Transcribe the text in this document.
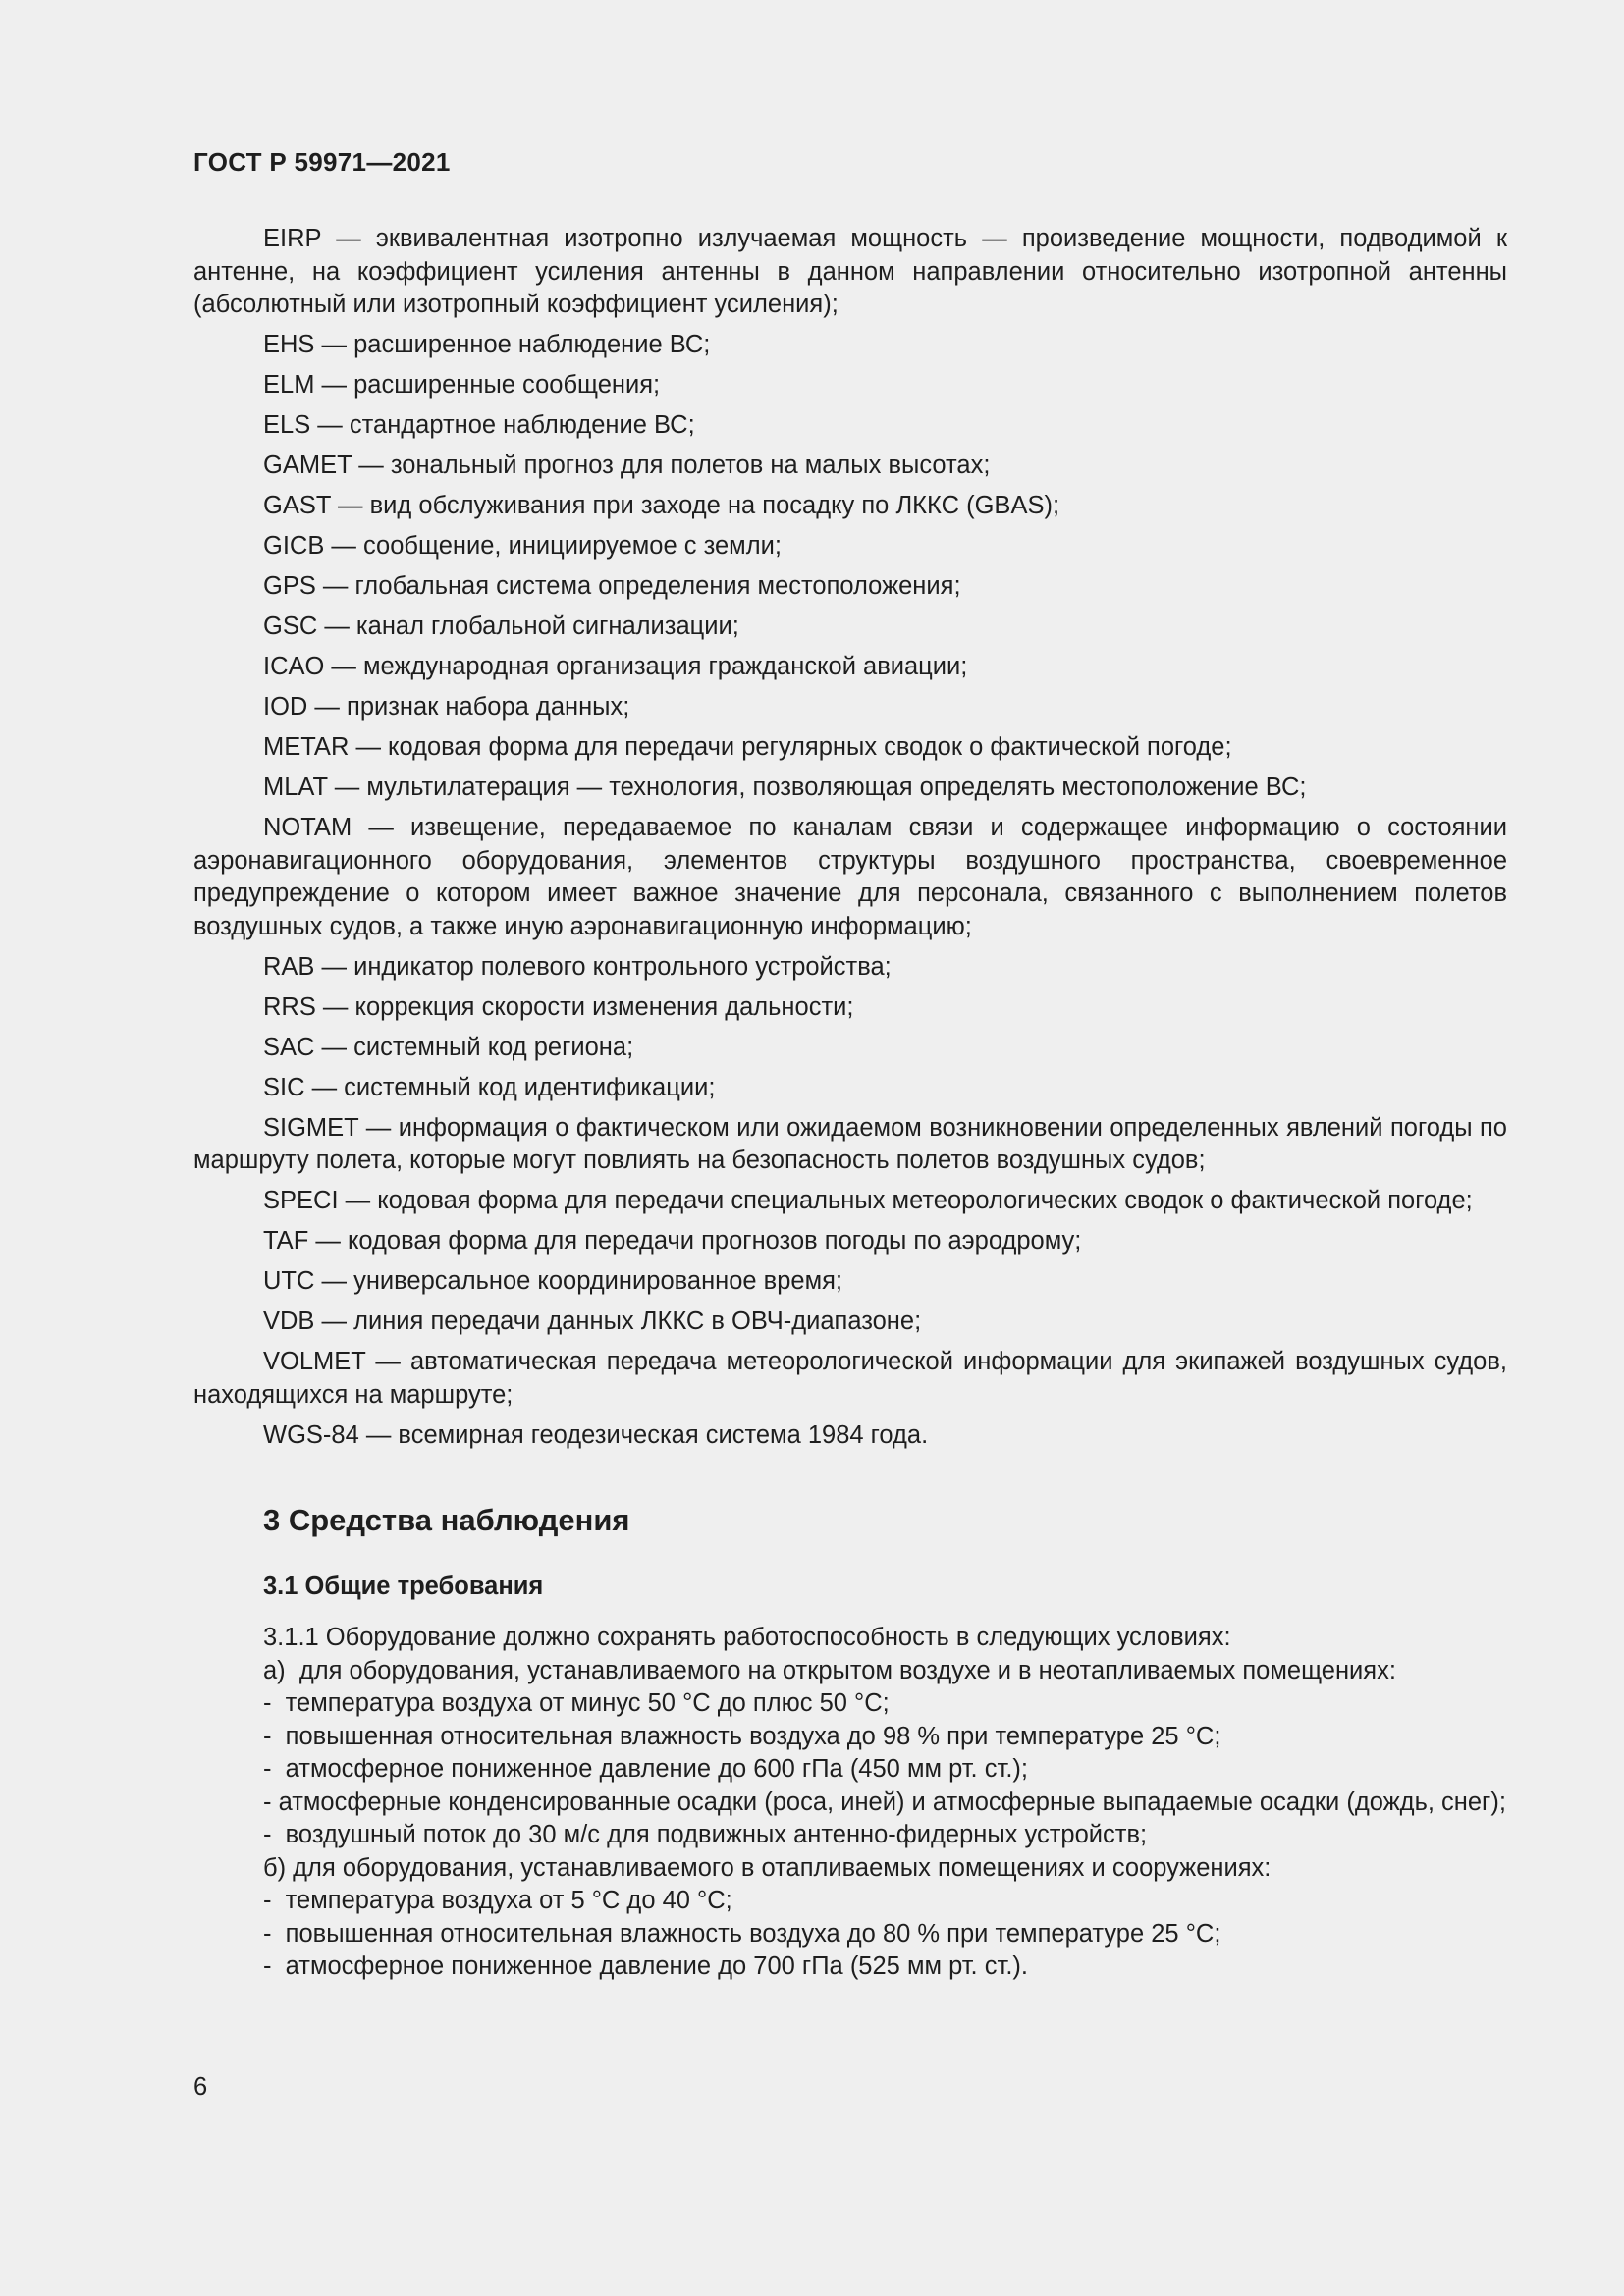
ГОСТ Р 59971—2021

EIRP — эквивалентная изотропно излучаемая мощность — произведение мощности, подводимой к антенне, на коэффициент усиления антенны в данном направлении относительно изотропной антенны (абсолютный или изотропный коэффициент усиления);

EHS — расширенное наблюдение ВС;

ELM — расширенные сообщения;

ELS — стандартное наблюдение ВС;

GAMET — зональный прогноз для полетов на малых высотах;

GAST — вид обслуживания при заходе на посадку по ЛККС (GBAS);

GICB — сообщение, инициируемое с земли;

GPS — глобальная система определения местоположения;

GSC — канал глобальной сигнализации;

ICAO — международная организация гражданской авиации;

IOD — признак набора данных;

METAR — кодовая форма для передачи регулярных сводок о фактической погоде;

MLAT — мультилатерация — технология, позволяющая определять местоположение ВС;

NOTAM — извещение, передаваемое по каналам связи и содержащее информацию о состоянии аэронавигационного оборудования, элементов структуры воздушного пространства, своевременное предупреждение о котором имеет важное значение для персонала, связанного с выполнением полетов воздушных судов, а также иную аэронавигационную информацию;

RAB — индикатор полевого контрольного устройства;

RRS — коррекция скорости изменения дальности;

SAC — системный код региона;

SIC — системный код идентификации;

SIGMET — информация о фактическом или ожидаемом возникновении определенных явлений погоды по маршруту полета, которые могут повлиять на безопасность полетов воздушных судов;

SPECI — кодовая форма для передачи специальных метеорологических сводок о фактической погоде;

TAF — кодовая форма для передачи прогнозов погоды по аэродрому;

UTC — универсальное координированное время;

VDB — линия передачи данных ЛККС в ОВЧ-диапазоне;

VOLMET — автоматическая передача метеорологической информации для экипажей воздушных судов, находящихся на маршруте;

WGS-84 — всемирная геодезическая система 1984 года.

3 Средства наблюдения
3.1 Общие требования
3.1.1 Оборудование должно сохранять работоспособность в следующих условиях:
а)  для оборудования, устанавливаемого на открытом воздухе и в неотапливаемых помещениях:
-  температура воздуха от минус 50 °С до плюс 50 °С;
-  повышенная относительная влажность воздуха до 98 % при температуре 25 °С;
-  атмосферное пониженное давление до 600 гПа (450 мм рт. ст.);
- атмосферные конденсированные осадки (роса, иней) и атмосферные выпадаемые осадки (дождь, снег);
-  воздушный поток до 30 м/с для подвижных антенно-фидерных устройств;
б) для оборудования, устанавливаемого в отапливаемых помещениях и сооружениях:
-  температура воздуха от 5 °С до 40 °С;
-  повышенная относительная влажность воздуха до 80 % при температуре 25 °С;
-  атмосферное пониженное давление до 700 гПа (525 мм рт. ст.).
6
